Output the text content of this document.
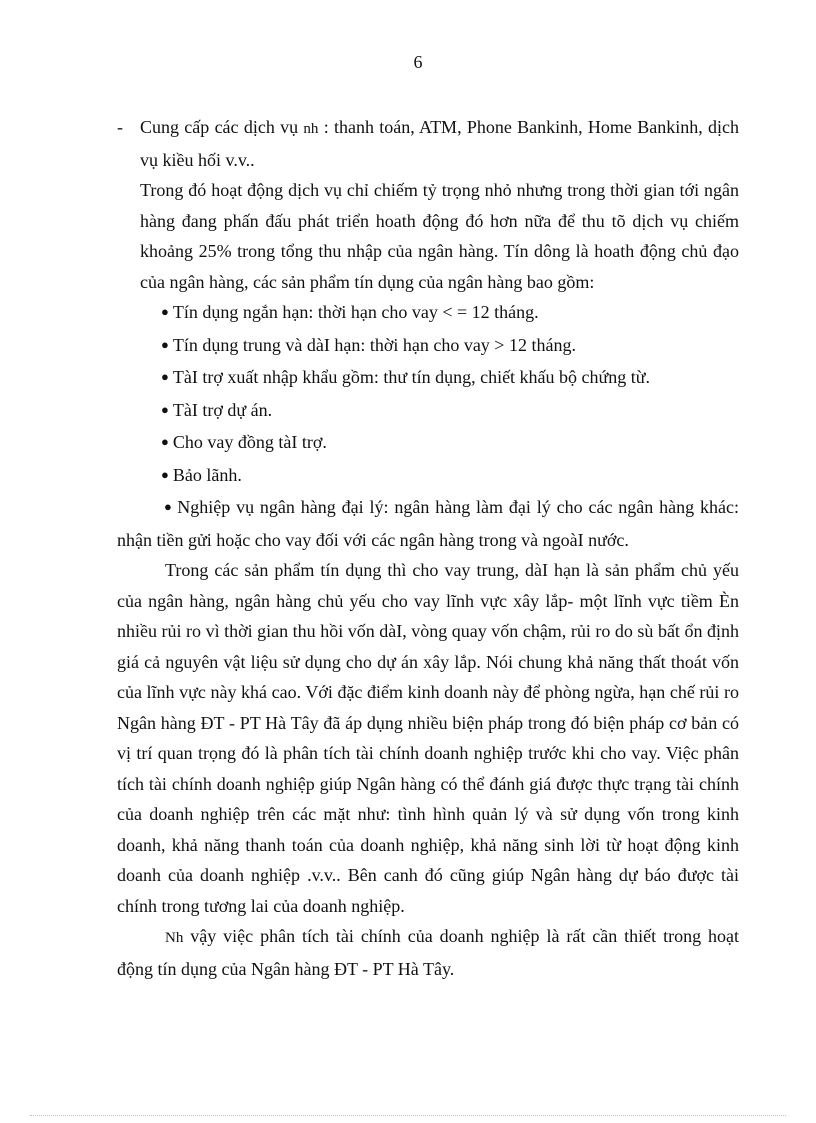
6

- Cung cấp các dịch vụ nh : thanh toán, ATM, Phone Bankinh, Home Bankinh, dịch vụ kiều hối v.v..

Trong đó hoạt động dịch vụ chỉ chiếm tỷ trọng nhỏ nhưng trong thời gian tới ngân hàng đang phấn đấu phát triển hoath động đó hơn nữa để thu tõ dịch vụ chiếm khoảng 25% trong tổng thu nhập của ngân hàng. Tín dông là hoath động chủ đạo của ngân hàng, các sản phẩm tín dụng của ngân hàng bao gồm:

● Tín dụng ngắn hạn: thời hạn cho vay < = 12 tháng.
● Tín dụng trung và dàI hạn: thời hạn cho vay > 12 tháng.
● TàI trợ xuất nhập khẩu gồm: thư tín dụng, chiết khấu bộ chứng từ.
● TàI trợ dự án.
● Cho vay đồng tàI trợ.
● Bảo lãnh.

● Nghiệp vụ ngân hàng đại lý: ngân hàng làm đại lý cho các ngân hàng khác: nhận tiền gửi hoặc cho vay đối với các ngân hàng trong và ngoàI nước.

Trong các sản phẩm tín dụng thì cho vay trung, dàI hạn là sản phẩm chủ yếu của ngân hàng, ngân hàng chủ yếu cho vay lĩnh vực xây lắp- một lĩnh vực tiềm Èn nhiều rủi ro vì thời gian thu hồi vốn dàI, vòng quay vốn chậm, rủi ro do sù bất ổn định giá cả nguyên vật liệu sử dụng cho dự án xây lắp. Nói chung khả năng thất thoát vốn của lĩnh vực này khá cao. Với đặc điểm kinh doanh này để phòng ngừa, hạn chế rủi ro Ngân hàng ĐT - PT Hà Tây đã áp dụng nhiều biện pháp trong đó biện pháp cơ bản có vị trí quan trọng đó là phân tích tài chính doanh nghiệp trước khi cho vay. Việc phân tích tài chính doanh nghiệp giúp Ngân hàng có thể đánh giá được thực trạng tài chính của doanh nghiệp trên các mặt như: tình hình quản lý và sử dụng vốn trong kinh doanh, khả năng thanh toán của doanh nghiệp, khả năng sinh lời từ hoạt động kinh doanh của doanh nghiệp .v.v.. Bên canh đó cũng giúp Ngân hàng dự báo được tài chính trong tương lai của doanh nghiệp.

Nh vậy việc phân tích tài chính của doanh nghiệp là rất cần thiết trong hoạt động tín dụng của Ngân hàng ĐT - PT Hà Tây.
